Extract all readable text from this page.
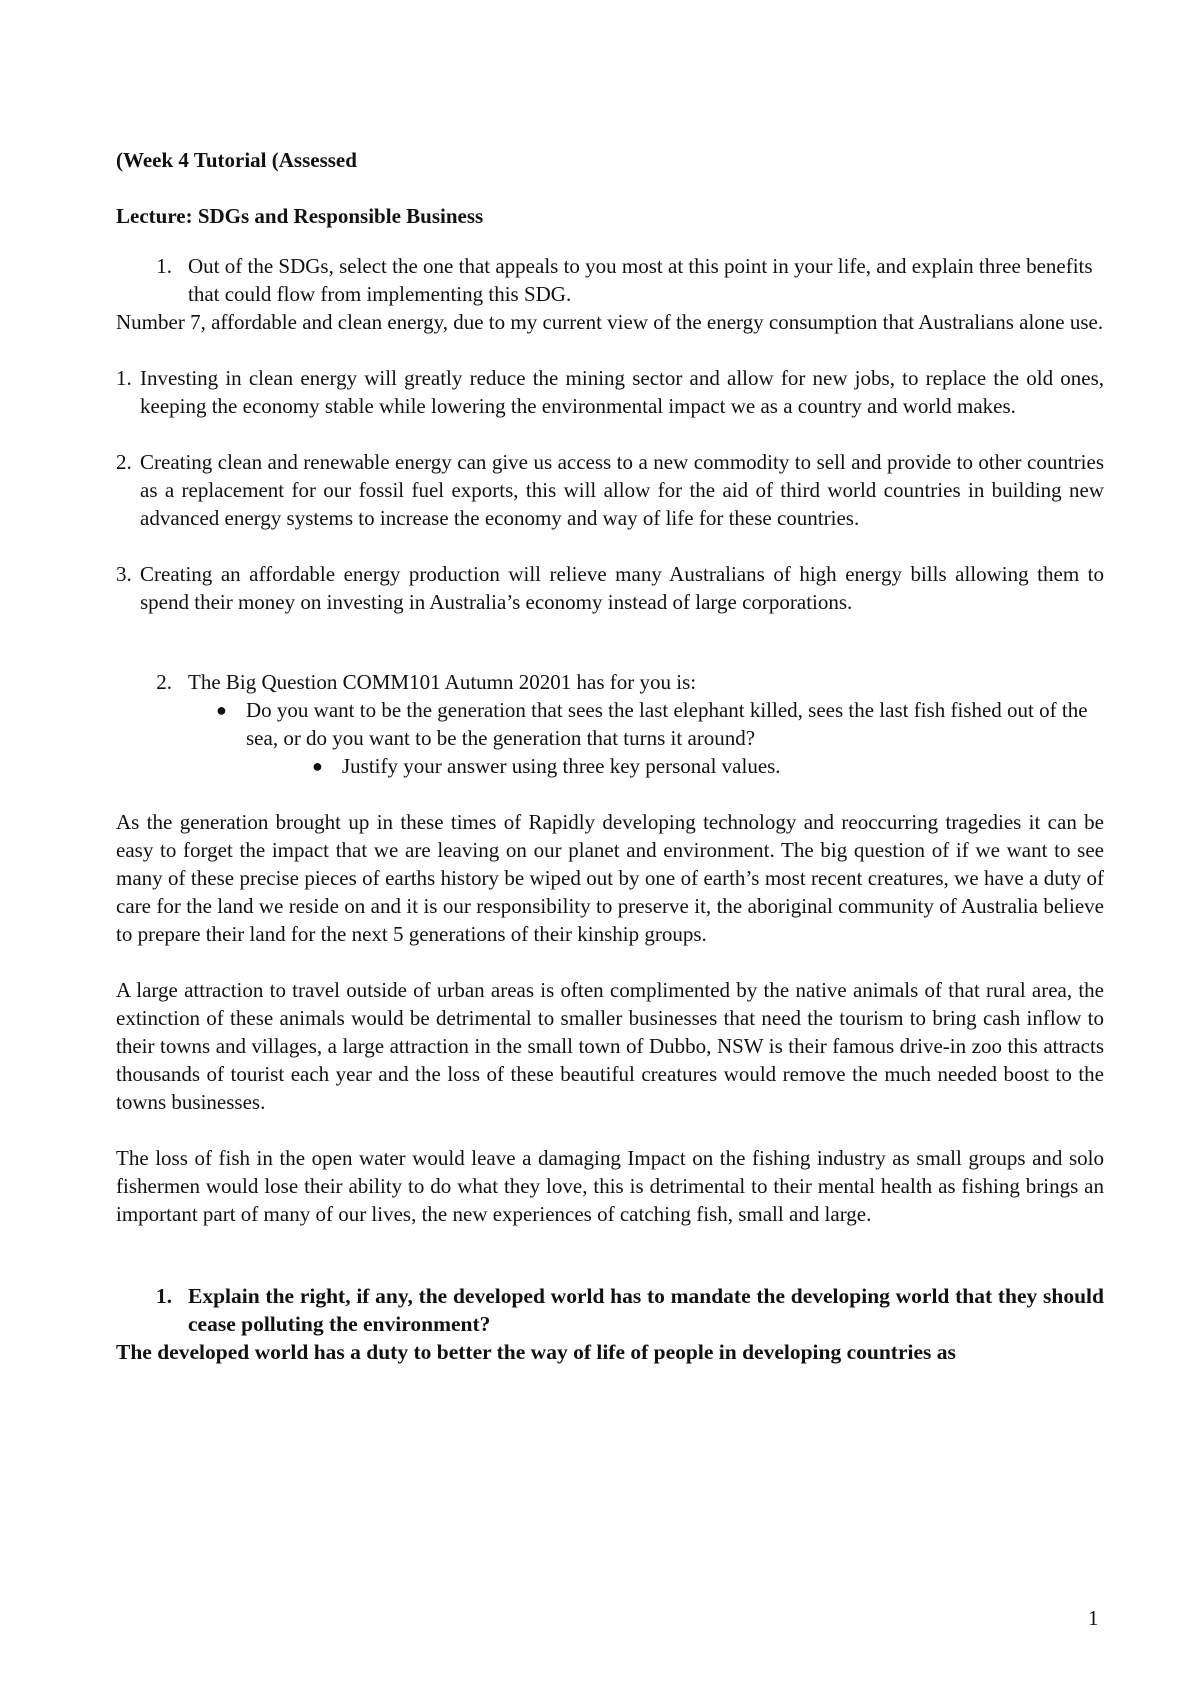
(Week 4 Tutorial (Assessed

Lecture: SDGs and Responsible Business

1. Out of the SDGs, select the one that appeals to you most at this point in your life, and explain three benefits that could flow from implementing this SDG.

Number 7, affordable and clean energy, due to my current view of the energy consumption that Australians alone use.

1. Investing in clean energy will greatly reduce the mining sector and allow for new jobs, to replace the old ones, keeping the economy stable while lowering the environmental impact we as a country and world makes.
2. Creating clean and renewable energy can give us access to a new commodity to sell and provide to other countries as a replacement for our fossil fuel exports, this will allow for the aid of third world countries in building new advanced energy systems to increase the economy and way of life for these countries.
3. Creating an affordable energy production will relieve many Australians of high energy bills allowing them to spend their money on investing in Australia’s economy instead of large corporations.
2. The Big Question COMM101 Autumn 20201 has for you is:
● Do you want to be the generation that sees the last elephant killed, sees the last fish fished out of the sea, or do you want to be the generation that turns it around?
● Justify your answer using three key personal values.

As the generation brought up in these times of Rapidly developing technology and reoccurring tragedies it can be easy to forget the impact that we are leaving on our planet and environment. The big question of if we want to see many of these precise pieces of earths history be wiped out by one of earth’s most recent creatures, we have a duty of care for the land we reside on and it is our responsibility to preserve it, the aboriginal community of Australia believe to prepare their land for the next 5 generations of their kinship groups.

A large attraction to travel outside of urban areas is often complimented by the native animals of that rural area, the extinction of these animals would be detrimental to smaller businesses that need the tourism to bring cash inflow to their towns and villages, a large attraction in the small town of Dubbo, NSW is their famous drive-in zoo this attracts thousands of tourist each year and the loss of these beautiful creatures would remove the much needed boost to the towns businesses.

The loss of fish in the open water would leave a damaging Impact on the fishing industry as small groups and solo fishermen would lose their ability to do what they love, this is detrimental to their mental health as fishing brings an important part of many of our lives, the new experiences of catching fish, small and large.

1. Explain the right, if any, the developed world has to mandate the developing world that they should cease polluting the environment?

The developed world has a duty to better the way of life of people in developing countries as

1
